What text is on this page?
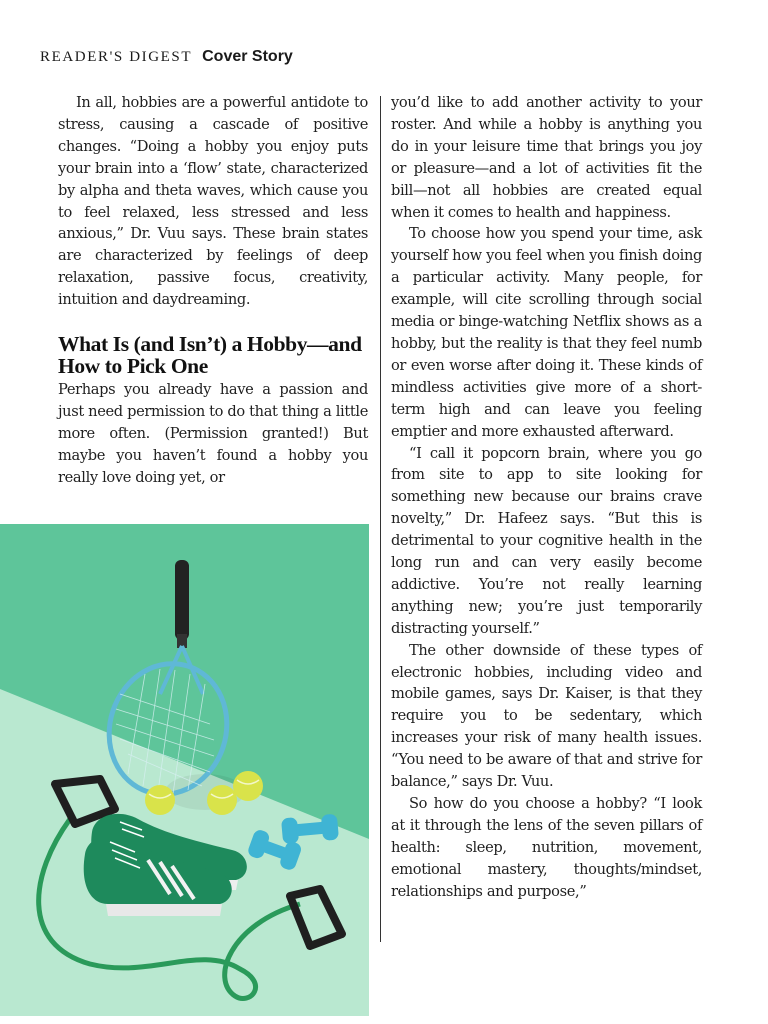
READER'S DIGEST Cover Story

In all, hobbies are a powerful antidote to stress, causing a cascade of positive changes. “Doing a hobby you enjoy puts your brain into a ‘flow’ state, characterized by alpha and theta waves, which cause you to feel relaxed, less stressed and less anxious,” Dr. Vuu says. These brain states are characterized by feelings of deep relaxation, passive focus, creativity, intuition and daydreaming.

What Is (and Isn’t) a Hobby—and How to Pick One

Perhaps you already have a passion and just need permission to do that thing a little more often. (Permission granted!) But maybe you haven’t found a hobby you really love doing yet, or

you’d like to add another activity to your roster. And while a hobby is anything you do in your leisure time that brings you joy or pleasure—and a lot of activities fit the bill—not all hobbies are created equal when it comes to health and happiness.

To choose how you spend your time, ask yourself how you feel when you finish doing a particular activity. Many people, for example, will cite scrolling through social media or binge-watching Netflix shows as a hobby, but the reality is that they feel numb or even worse after doing it. These kinds of mindless activities give more of a short-term high and can leave you feeling emptier and more exhausted afterward.

“I call it popcorn brain, where you go from site to app to site looking for something new because our brains crave novelty,” Dr. Hafeez says. “But this is detrimental to your cognitive health in the long run and can very easily become addictive. You’re not really learning anything new; you’re just temporarily distracting yourself.”

The other downside of these types of electronic hobbies, including video and mobile games, says Dr. Kaiser, is that they require you to be sedentary, which increases your risk of many health issues. “You need to be aware of that and strive for balance,” says Dr. Vuu.

So how do you choose a hobby? “I look at it through the lens of the seven pillars of health: sleep, nutrition, movement, emotional mastery, thoughts/mindset, relationships and purpose,”
